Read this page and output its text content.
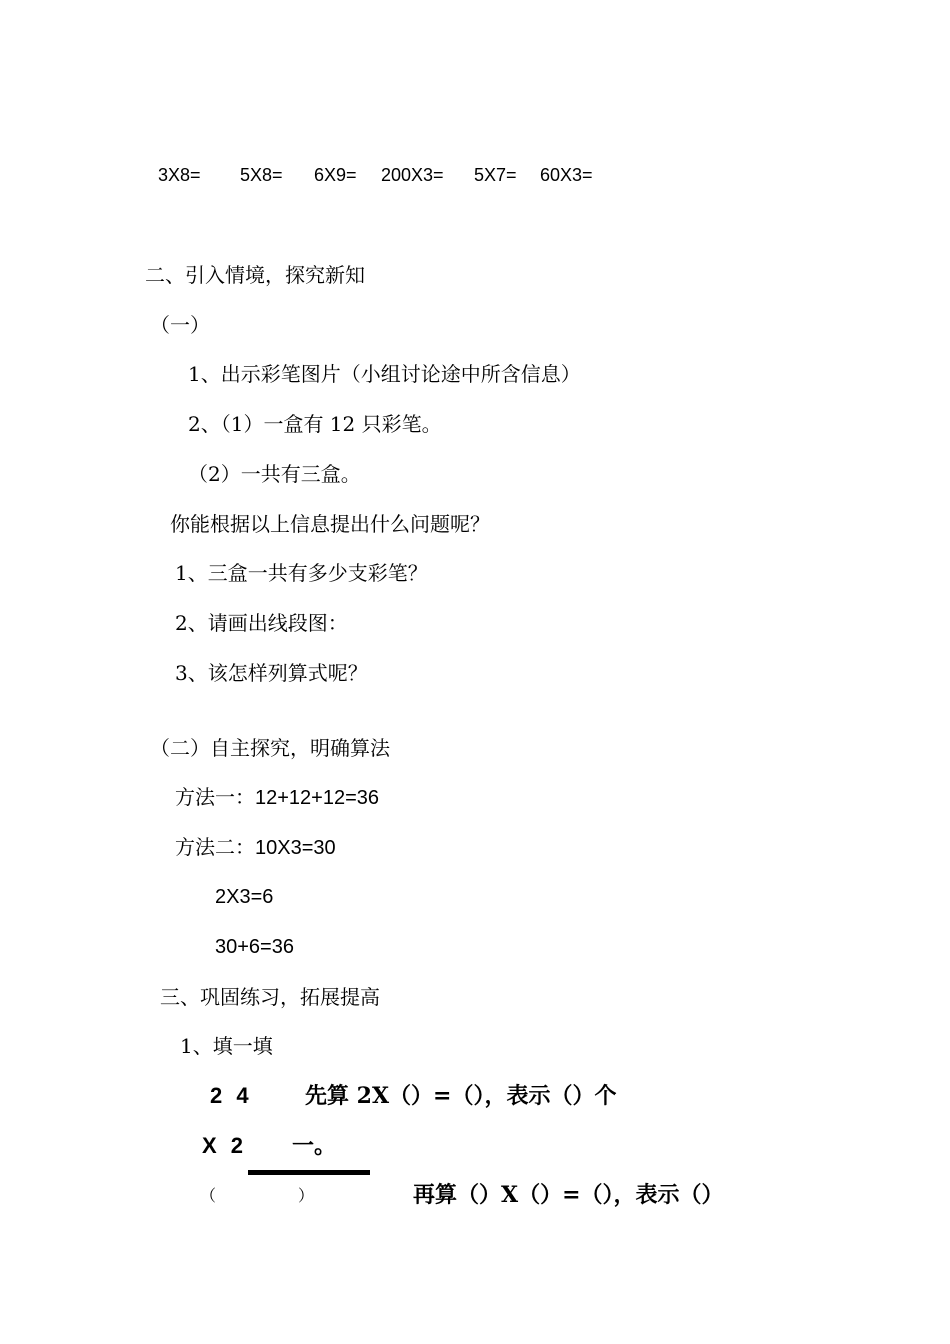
3X8= 5X8= 6X9= 200X3= 5X7= 60X3=
二、引入情境，探究新知
（一）
1、出示彩笔图片（小组讨论途中所含信息）
2、（1）一盒有 12 只彩笔。
（2）一共有三盒。
你能根据以上信息提出什么问题呢？
1、三盒一共有多少支彩笔？
2、请画出线段图：
3、该怎样列算式呢？
（二）自主探究，明确算法
方法一：12+12+12=36
方法二：10X3=30
2X3=6
30+6=36
三、巩固练习，拓展提高
1、填一填
2 4 先算 2X（）=（），表示（）个
X 2 一。
（	）	再算（）X（）=（），表示（）
